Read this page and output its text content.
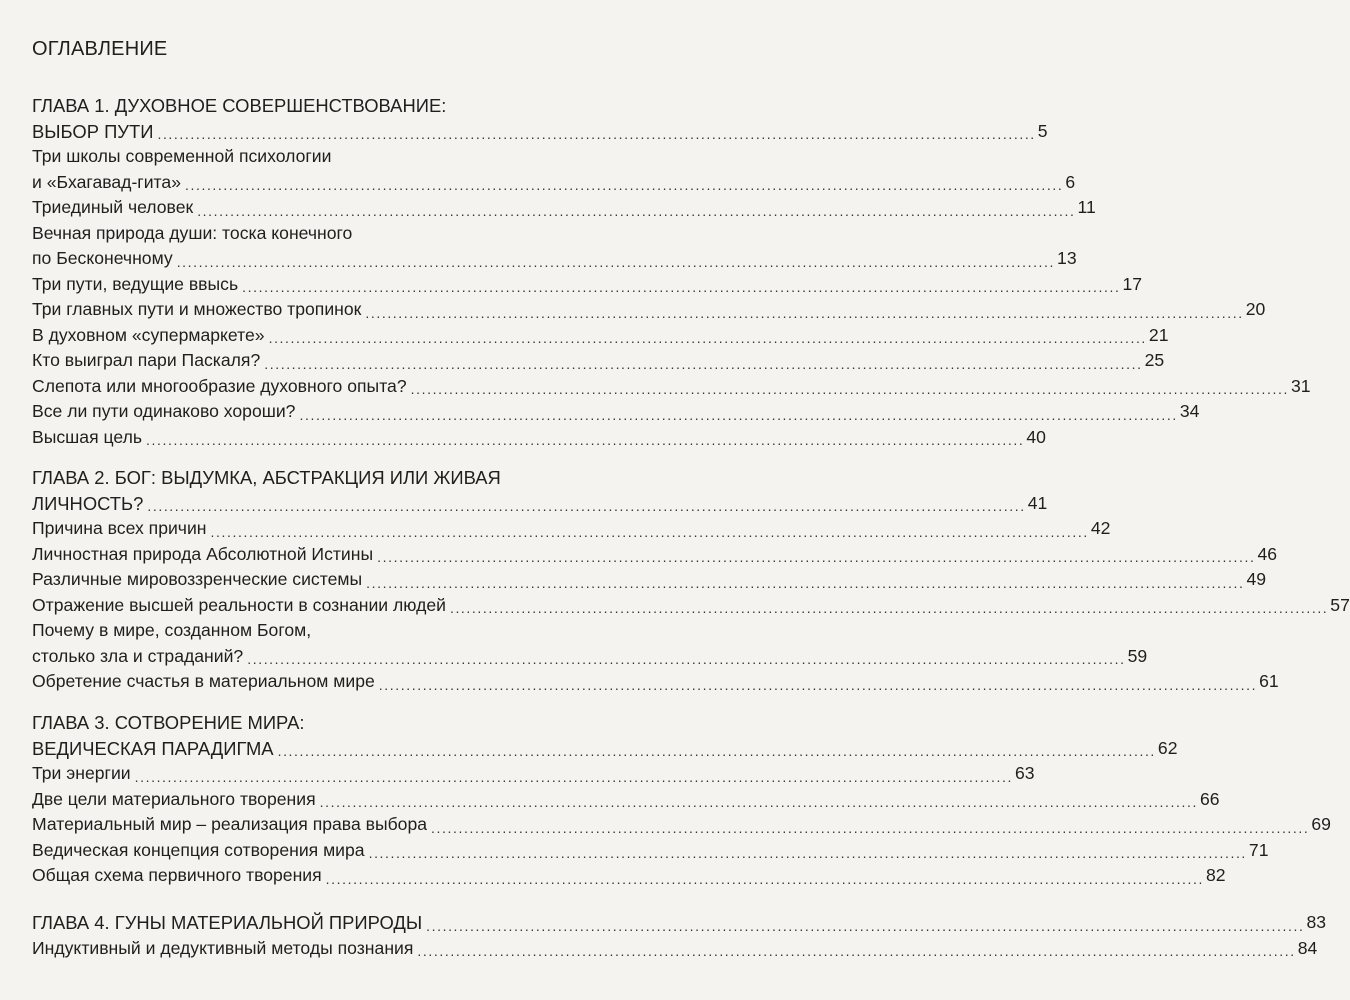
ОГЛАВЛЕНИЕ
ГЛАВА 1. ДУХОВНОЕ СОВЕРШЕНСТВОВАНИЕ:
ВЫБОР ПУТИ ................................................................................................................................................................ 5
Три школы современной психологии
и «Бхагавад-гита» ................................................................................................................................................................ 6
Триединый человек ................................................................................................................................................................ 11
Вечная природа души: тоска конечного
по Бесконечному ................................................................................................................................................................ 13
Три пути, ведущие ввысь ................................................................................................................................................................ 17
Три главных пути и множество тропинок ................................................................................................................................................................ 20
В духовном «супермаркете» ................................................................................................................................................................ 21
Кто выиграл пари Паскаля? ................................................................................................................................................................ 25
Слепота или многообразие духовного опыта? ................................................................................................................................................................ 31
Все ли пути одинаково хороши? ................................................................................................................................................................ 34
Высшая цель ................................................................................................................................................................ 40
ГЛАВА 2. БОГ: ВЫДУМКА, АБСТРАКЦИЯ ИЛИ ЖИВАЯ
ЛИЧНОСТЬ? ................................................................................................................................................................ 41
Причина всех причин ................................................................................................................................................................ 42
Личностная природа Абсолютной Истины ................................................................................................................................................................ 46
Различные мировоззренческие системы ................................................................................................................................................................ 49
Отражение высшей реальности в сознании людей ................................................................................................................................................................ 57
Почему в мире, созданном Богом,
столько зла и страданий? ................................................................................................................................................................ 59
Обретение счастья в материальном мире ................................................................................................................................................................ 61
ГЛАВА 3. СОТВОРЕНИЕ МИРА:
ВЕДИЧЕСКАЯ ПАРАДИГМА ................................................................................................................................................................ 62
Три энергии ................................................................................................................................................................ 63
Две цели материального творения ................................................................................................................................................................ 66
Материальный мир – реализация права выбора ................................................................................................................................................................ 69
Ведическая концепция сотворения мира ................................................................................................................................................................ 71
Общая схема первичного творения ................................................................................................................................................................ 82
ГЛАВА 4. ГУНЫ МАТЕРИАЛЬНОЙ ПРИРОДЫ ................................................................................................................................................................ 83
Индуктивный и дедуктивный методы познания ................................................................................................................................................................ 84
